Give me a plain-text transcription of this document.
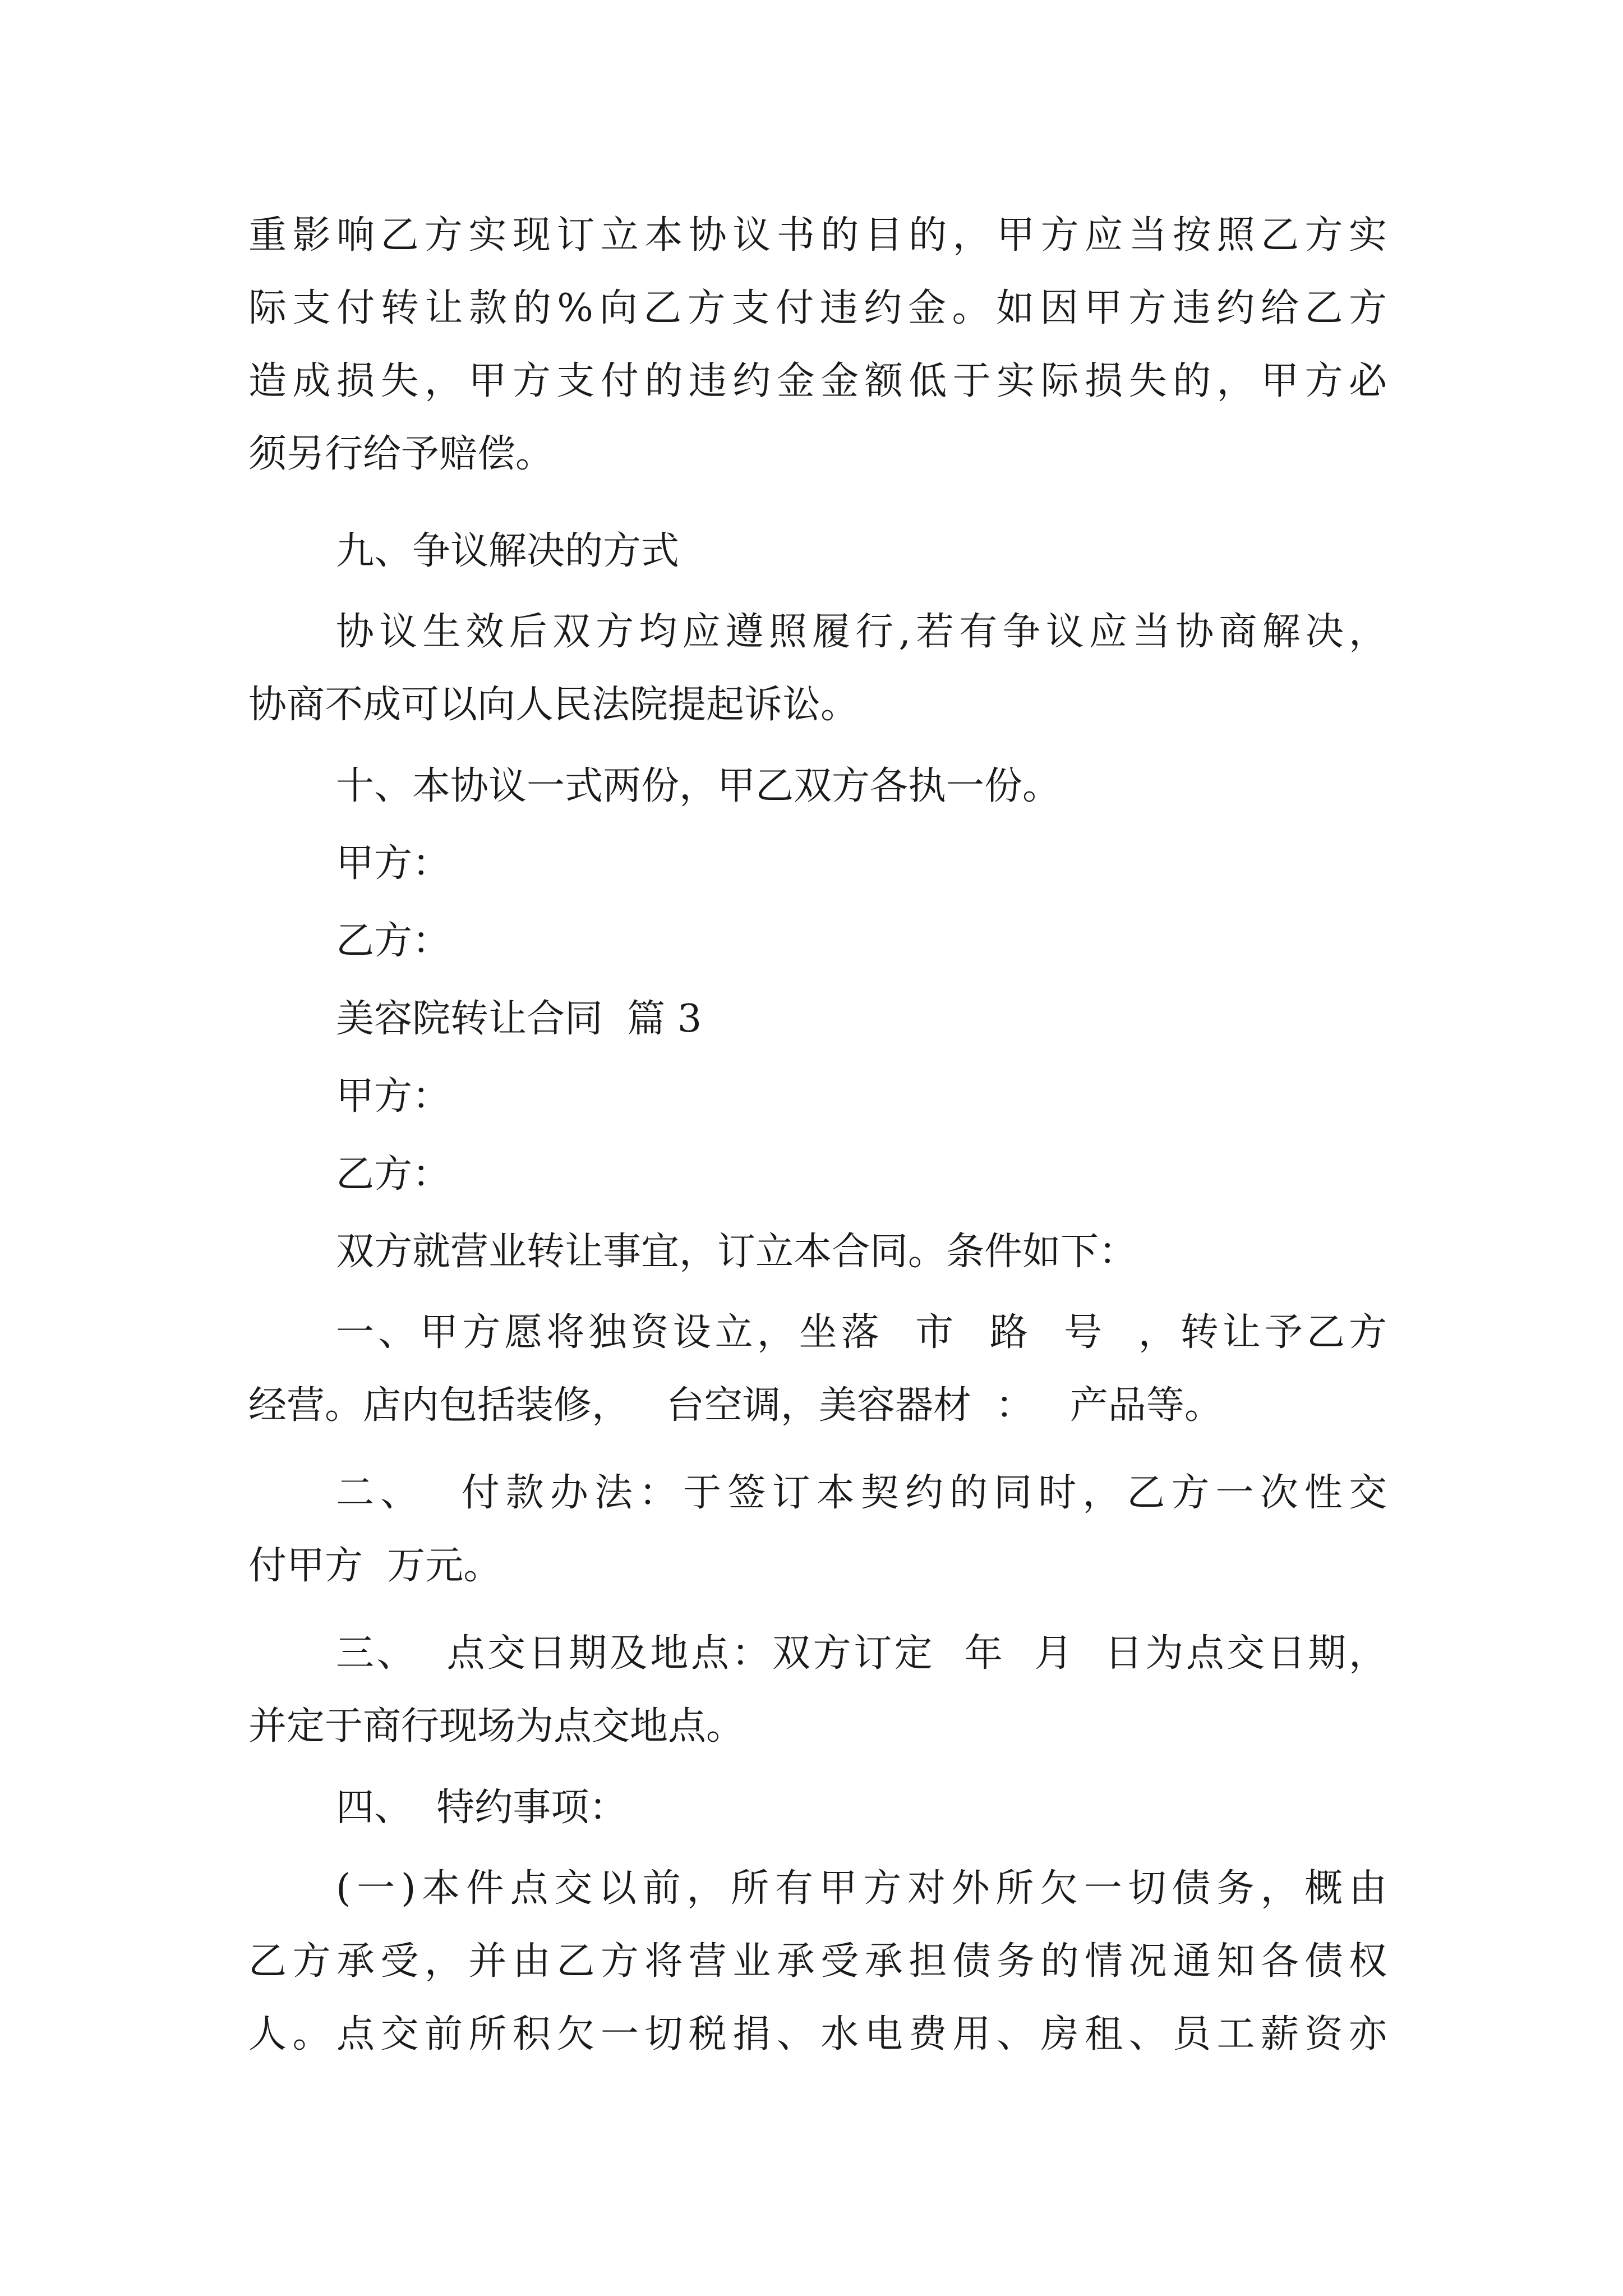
重影响乙方实现订立本协议书的目的，甲方应当按照乙方实
际支付转让款的%向乙方支付违约金。如因甲方违约给乙方
造成损失，甲方支付的违约金金额低于实际损失的，甲方必
须另行给予赔偿。
九、争议解决的方式
协议生效后双方均应遵照履行,若有争议应当协商解决，
协商不成可以向人民法院提起诉讼。
十、本协议一式两份，甲乙双方各执一份。
甲方：
乙方：
美容院转让合同  篇 3
甲方：
乙方：
双方就营业转让事宜，订立本合同。条件如下：
一、甲方愿将独资设立，坐落  市  路  号  ，转让予乙方
经营。店内包括装修，   台空调，美容器材  ：   产品等。
二、  付款办法：于签订本契约的同时，乙方一次性交
付甲方  万元。
三、  点交日期及地点：双方订定  年  月  日为点交日期，
并定于商行现场为点交地点。
四、  特约事项：
(一)本件点交以前，所有甲方对外所欠一切债务，概由
乙方承受，并由乙方将营业承受承担债务的情况通知各债权
人。点交前所积欠一切税捐、水电费用、房租、员工薪资亦
